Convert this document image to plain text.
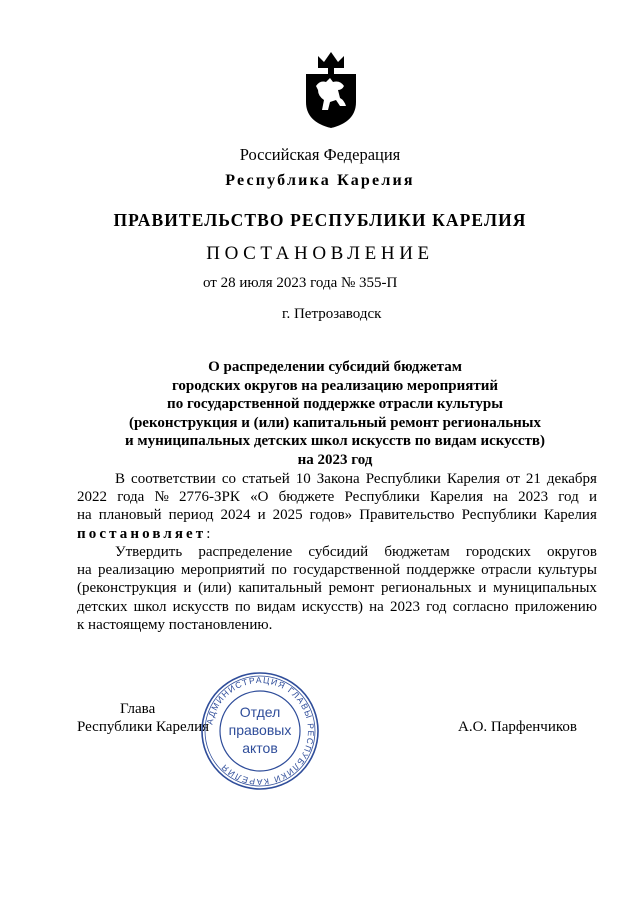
Российская Федерация
Республика Карелия
ПРАВИТЕЛЬСТВО РЕСПУБЛИКИ КАРЕЛИЯ
ПОСТАНОВЛЕНИЕ
от 28 июля 2023 года № 355-П
г. Петрозаводск
О распределении субсидий бюджетам
городских округов на реализацию мероприятий
по государственной поддержке отрасли культуры
(реконструкция и (или) капитальный ремонт региональных
и муниципальных детских школ искусств по видам искусств)
на 2023 год
В соответствии со статьей 10 Закона Республики Карелия от 21 декабря
2022 года № 2776-ЗРК «О бюджете Республики Карелия на 2023 год и
на плановый период 2024 и 2025 годов» Правительство Республики Карелия
постановляет:
Утвердить распределение субсидий бюджетам городских округов
на реализацию мероприятий по государственной поддержке отрасли культуры
(реконструкция и (или) капитальный ремонт региональных и муниципальных
детских школ искусств по видам искусств) на 2023 год согласно приложению
к настоящему постановлению.
Глава
Республики Карелия	А.О. Парфенчиков
АДМИНИСТРАЦИЯ ГЛАВЫ РЕСПУБЛИКИ КАРЕЛИЯ
Отдел
правовых
актов
